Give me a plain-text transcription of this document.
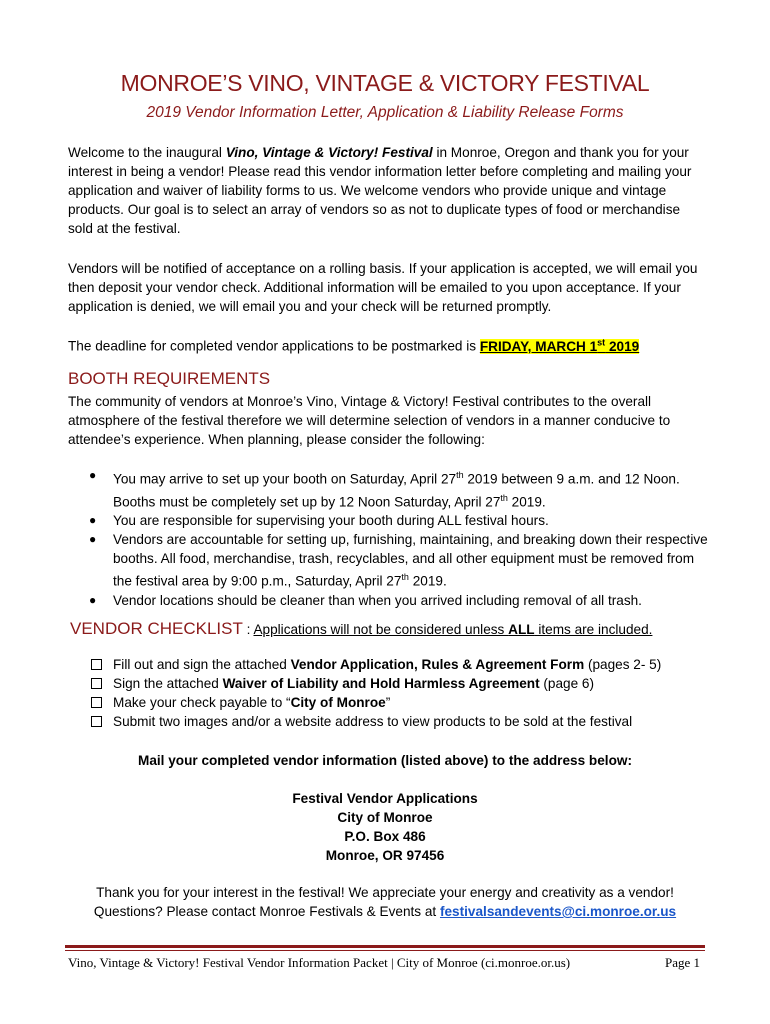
MONROE’S VINO, VINTAGE & VICTORY FESTIVAL
2019 Vendor Information Letter, Application & Liability Release Forms
Welcome to the inaugural Vino, Vintage & Victory! Festival in Monroe, Oregon and thank you for your interest in being a vendor! Please read this vendor information letter before completing and mailing your application and waiver of liability forms to us. We welcome vendors who provide unique and vintage products. Our goal is to select an array of vendors so as not to duplicate types of food or merchandise sold at the festival.
Vendors will be notified of acceptance on a rolling basis. If your application is accepted, we will email you then deposit your vendor check. Additional information will be emailed to you upon acceptance. If your application is denied, we will email you and your check will be returned promptly.
The deadline for completed vendor applications to be postmarked is FRIDAY, MARCH 1st 2019
BOOTH REQUIREMENTS
The community of vendors at Monroe’s Vino, Vintage & Victory! Festival contributes to the overall atmosphere of the festival therefore we will determine selection of vendors in a manner conducive to attendee’s experience. When planning, please consider the following:
● You may arrive to set up your booth on Saturday, April 27th 2019 between 9 a.m. and 12 Noon. Booths must be completely set up by 12 Noon Saturday, April 27th 2019.
● You are responsible for supervising your booth during ALL festival hours.
● Vendors are accountable for setting up, furnishing, maintaining, and breaking down their respective booths. All food, merchandise, trash, recyclables, and all other equipment must be removed from the festival area by 9:00 p.m., Saturday, April 27th 2019.
● Vendor locations should be cleaner than when you arrived including removal of all trash.
VENDOR CHECKLIST : Applications will not be considered unless ALL items are included.
Fill out and sign the attached Vendor Application, Rules & Agreement Form (pages 2- 5)
Sign the attached Waiver of Liability and Hold Harmless Agreement (page 6)
Make your check payable to “City of Monroe”
Submit two images and/or a website address to view products to be sold at the festival
Mail your completed vendor information (listed above) to the address below:
Festival Vendor Applications
City of Monroe
P.O. Box 486
Monroe, OR 97456
Thank you for your interest in the festival! We appreciate your energy and creativity as a vendor!
Questions? Please contact Monroe Festivals & Events at festivalsandevents@ci.monroe.or.us
Vino, Vintage & Victory! Festival Vendor Information Packet | City of Monroe (ci.monroe.or.us)	Page 1
